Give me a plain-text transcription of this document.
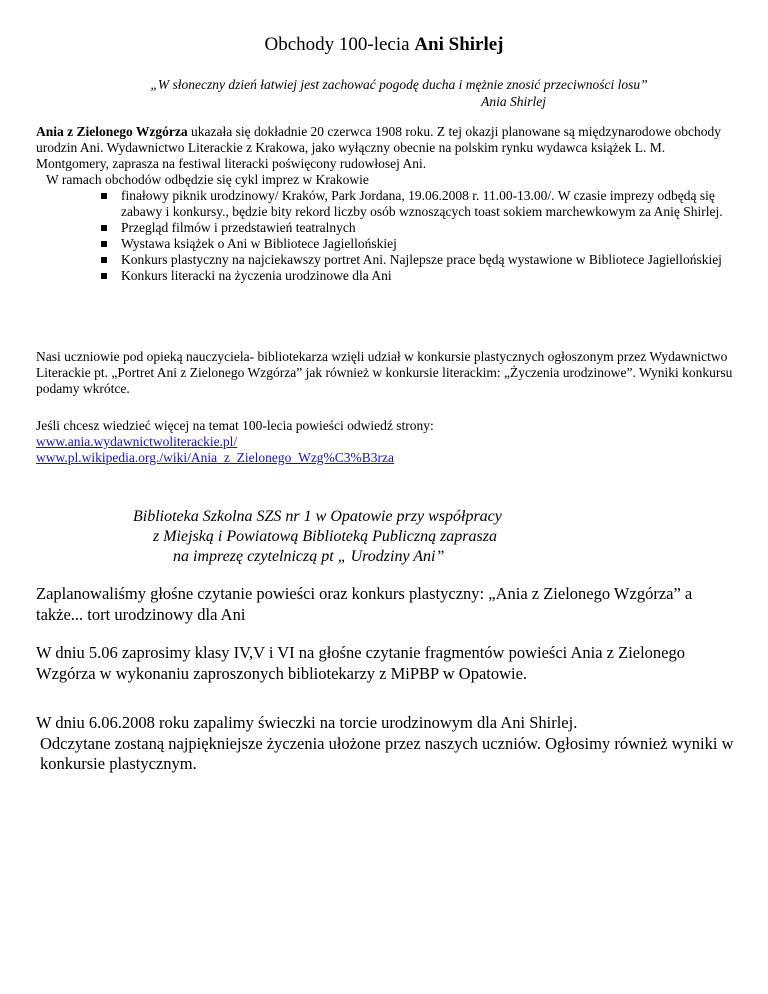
Obchody 100-lecia Ani Shirlej
„W słoneczny dzień łatwiej jest zachować pogodę ducha i mężnie znosić przeciwności losu”
Ania Shirlej
Ania z Zielonego Wzgórza ukazała się dokładnie 20 czerwca 1908 roku. Z tej okazji planowane są międzynarodowe obchody urodzin Ani. Wydawnictwo Literackie z Krakowa, jako wyłączny obecnie na polskim rynku wydawca książek L. M. Montgomery, zaprasza na festiwal literacki poświęcony rudowłosej Ani.
W ramach obchodów odbędzie się cykl imprez w Krakowie
finałowy piknik urodzinowy/ Kraków, Park Jordana, 19.06.2008 r. 11.00-13.00/. W czasie imprezy odbędą się zabawy i konkursy., będzie bity rekord liczby osób wznoszących toast sokiem marchewkowym za Anię Shirlej.
Przegląd filmów i przedstawień teatralnych
Wystawa książek o Ani w Bibliotece Jagiellońskiej
Konkurs plastyczny na najciekawszy portret Ani. Najlepsze prace będą wystawione w Bibliotece Jagiellońskiej
Konkurs literacki na życzenia urodzinowe dla Ani
Nasi uczniowie pod opieką nauczyciela- bibliotekarza wzięli udział w konkursie plastycznych ogłoszonym przez Wydawnictwo Literackie pt. „Portret Ani z Zielonego Wzgórza” jak również w konkursie literackim: „Życzenia urodzinowe”. Wyniki konkursu podamy wkrótce.
Jeśli chcesz wiedzieć więcej na temat 100-lecia powieści odwiedź strony:
www.ania.wydawnictwoliterackie.pl/
www.pl.wikipedia.org./wiki/Ania_z_Zielonego_Wzg%C3%B3rza
Biblioteka Szkolna SZS nr 1 w Opatowie przy współpracy
z Miejską i Powiatową Biblioteką Publiczną zaprasza
na imprezę czytelniczą pt „ Urodziny Ani”
Zaplanowaliśmy głośne czytanie powieści oraz konkurs plastyczny: „Ania z Zielonego Wzgórza” a także... tort urodzinowy dla Ani
W dniu 5.06 zaprosimy klasy IV,V i VI na głośne czytanie fragmentów powieści Ania z Zielonego Wzgórza w wykonaniu zaproszonych bibliotekarzy z MiPBP w Opatowie.
W dniu 6.06.2008 roku zapalimy świeczki na torcie urodzinowym dla Ani Shirlej.
Odczytane zostaną najpiękniejsze życzenia ułożone przez naszych uczniów. Ogłosimy również wyniki w konkursie plastycznym.
